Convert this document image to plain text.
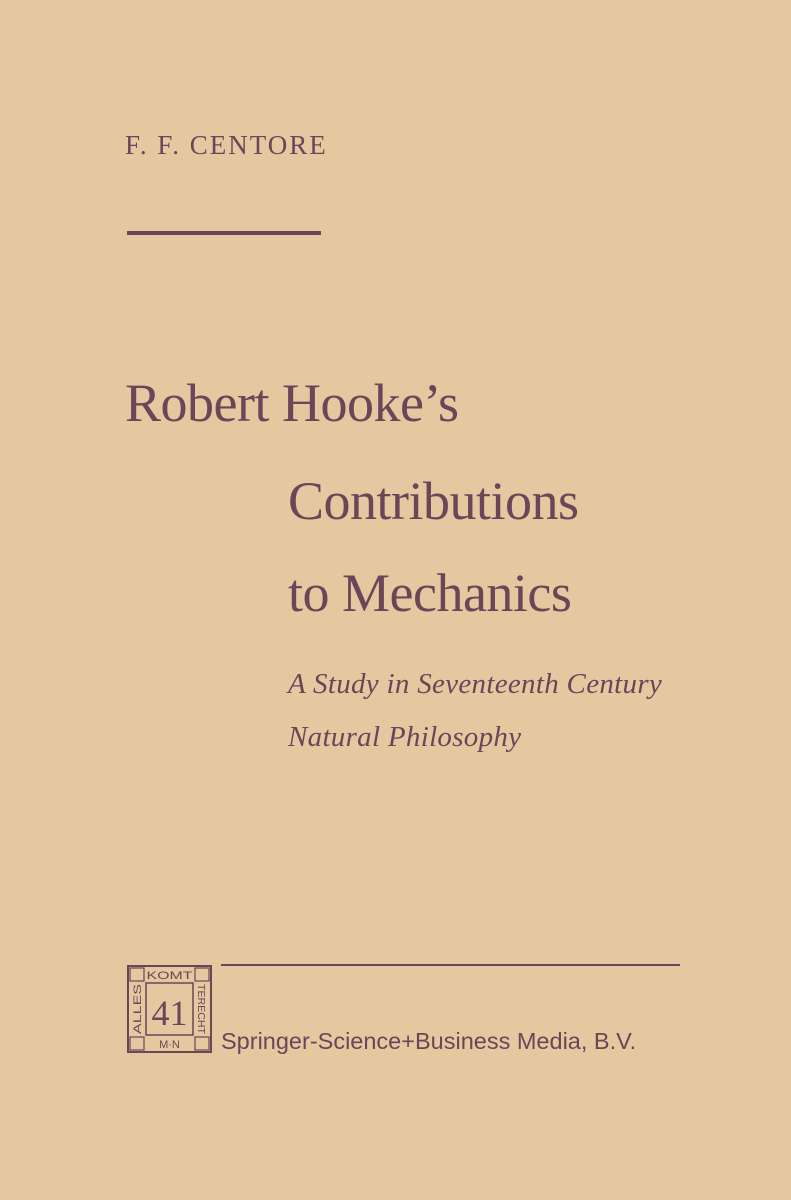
F. F. CENTORE
Robert Hooke’s
Contributions
to Mechanics
A Study in Seventeenth Century
Natural Philosophy
KOMT
M·N
ALLES	TERECHT
41
Springer-Science+Business Media, B.V.
